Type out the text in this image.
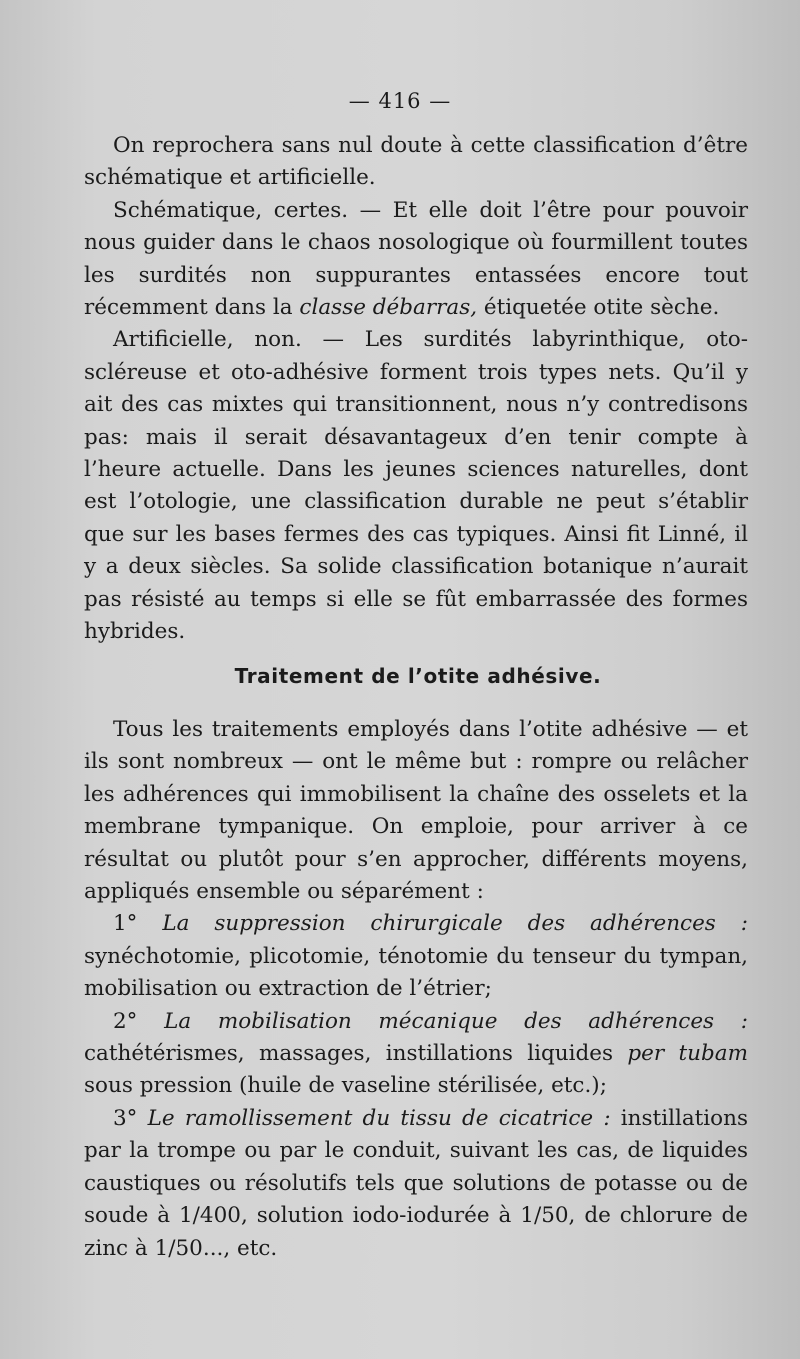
— 416 —

On reprochera sans nul doute à cette classification d’être schématique et artificielle.

Schématique, certes. — Et elle doit l’être pour pouvoir nous guider dans le chaos nosologique où fourmillent toutes les surdités non suppurantes entassées encore tout récemment dans la classe débarras, étiquetée otite sèche.

Artificielle, non. — Les surdités labyrinthique, oto-scléreuse et oto-adhésive forment trois types nets. Qu’il y ait des cas mixtes qui transitionnent, nous n’y contredisons pas: mais il serait désavantageux d’en tenir compte à l’heure actuelle. Dans les jeunes sciences naturelles, dont est l’otologie, une classification durable ne peut s’établir que sur les bases fermes des cas typiques. Ainsi fit Linné, il y a deux siècles. Sa solide classification botanique n’aurait pas résisté au temps si elle se fût embarrassée des formes hybrides.

Traitement de l’otite adhésive.

Tous les traitements employés dans l’otite adhésive — et ils sont nombreux — ont le même but : rompre ou relâcher les adhérences qui immobilisent la chaîne des osselets et la membrane tympanique. On emploie, pour arriver à ce résultat ou plutôt pour s’en approcher, différents moyens, appliqués ensemble ou séparément :

1° La suppression chirurgicale des adhérences : synéchotomie, plicotomie, ténotomie du tenseur du tympan, mobilisation ou extraction de l’étrier;

2° La mobilisation mécanique des adhérences : cathétérismes, massages, instillations liquides per tubam sous pression (huile de vaseline stérilisée, etc.);

3° Le ramollissement du tissu de cicatrice : instillations par la trompe ou par le conduit, suivant les cas, de liquides caustiques ou résolutifs tels que solutions de potasse ou de soude à 1/400, solution iodo-iodurée à 1/50, de chlorure de zinc à 1/50..., etc.
